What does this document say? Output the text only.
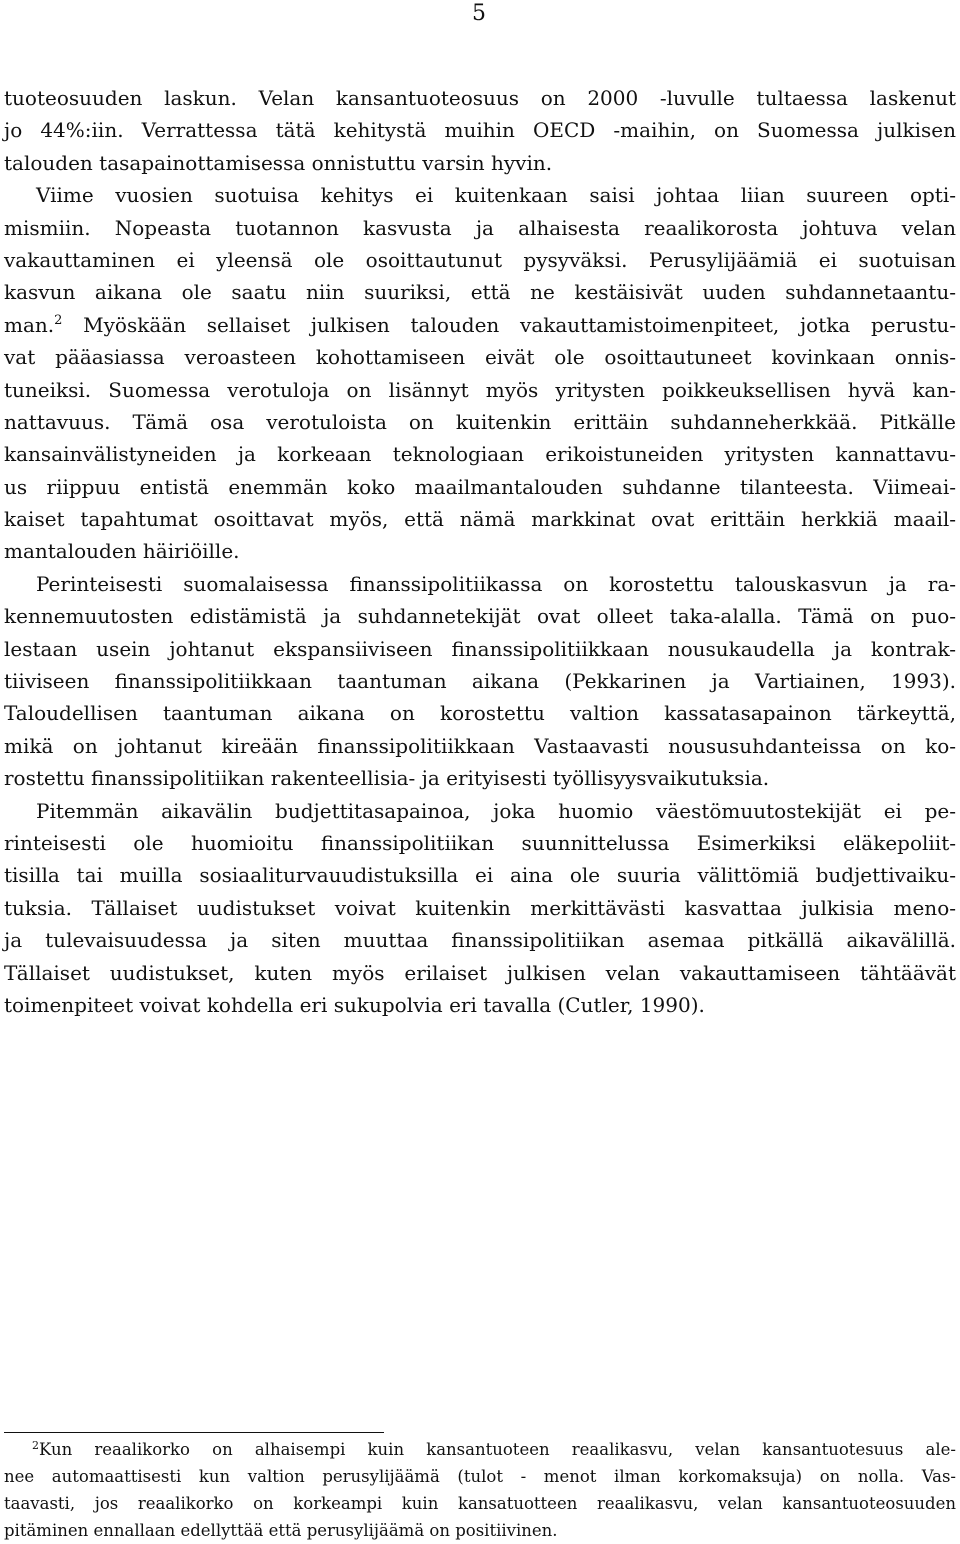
5
tuoteosuuden laskun. Velan kansantuoteosuus on 2000 -luvulle tultaessa laskenut
jo 44%:iin. Verrattessa tätä kehitystä muihin OECD -maihin, on Suomessa julkisen
talouden tasapainottamisessa onnistuttu varsin hyvin.
Viime vuosien suotuisa kehitys ei kuitenkaan saisi johtaa liian suureen opti-
mismiin. Nopeasta tuotannon kasvusta ja alhaisesta reaalikorosta johtuva velan
vakauttaminen ei yleensä ole osoittautunut pysyväksi. Perusylijäämiä ei suotuisan
kasvun aikana ole saatu niin suuriksi, että ne kestäisivät uuden suhdannetaantu-
man.$^2$ Myöskään sellaiset julkisen talouden vakauttamistoimenpiteet, jotka perustu-
vat pääasiassa veroasteen kohottamiseen eivät ole osoittautuneet kovinkaan onnis-
tuneiksi. Suomessa verotuloja on lisännyt myös yritysten poikkeuksellisen hyvä kan-
nattavuus. Tämä osa verotuloista on kuitenkin erittäin suhdanneherkkää. Pitkälle
kansainvälistyneiden ja korkeaan teknologiaan erikoistuneiden yritysten kannattavu-
us riippuu entistä enemmän koko maailmantalouden suhdanne tilanteesta. Viimeai-
kaiset tapahtumat osoittavat myös, että nämä markkinat ovat erittäin herkkiä maail-
mantalouden häiriöille.
Perinteisesti suomalaisessa finanssipolitiikassa on korostettu talouskasvun ja ra-
kennemuutosten edistämistä ja suhdannetekijät ovat olleet taka-alalla. Tämä on puo-
lestaan usein johtanut ekspansiiviseen finanssipolitiikkaan nousukaudella ja kontrak-
tiiviseen finanssipolitiikkaan taantuman aikana (Pekkarinen ja Vartiainen, 1993).
Taloudellisen taantuman aikana on korostettu valtion kassatasapainon tärkeyttä,
mikä on johtanut kireään finanssipolitiikkaan Vastaavasti noususuhdanteissa on ko-
rostettu finanssipolitiikan rakenteellisia- ja erityisesti työllisyysvaikutuksia.
Pitemmän aikavälin budjettitasapainoa, joka huomio väestömuutostekijät ei pe-
rinteisesti ole huomioitu finanssipolitiikan suunnittelussa Esimerkiksi eläkepoliit-
tisilla tai muilla sosiaaliturvauudistuksilla ei aina ole suuria välittömiä budjettivaiku-
tuksia. Tällaiset uudistukset voivat kuitenkin merkittävästi kasvattaa julkisia meno-
ja tulevaisuudessa ja siten muuttaa finanssipolitiikan asemaa pitkällä aikavälillä.
Tällaiset uudistukset, kuten myös erilaiset julkisen velan vakauttamiseen tähtäävät
toimenpiteet voivat kohdella eri sukupolvia eri tavalla (Cutler, 1990).
$^2$Kun reaalikorko on alhaisempi kuin kansantuoteen reaalikasvu, velan kansantuotesuus ale-
nee automaattisesti kun valtion perusylijäämä (tulot - menot ilman korkomaksuja) on nolla. Vas-
taavasti, jos reaalikorko on korkeampi kuin kansatuotteen reaalikasvu, velan kansantuoteosuuden
pitäminen ennallaan edellyttää että perusylijäämä on positiivinen.
